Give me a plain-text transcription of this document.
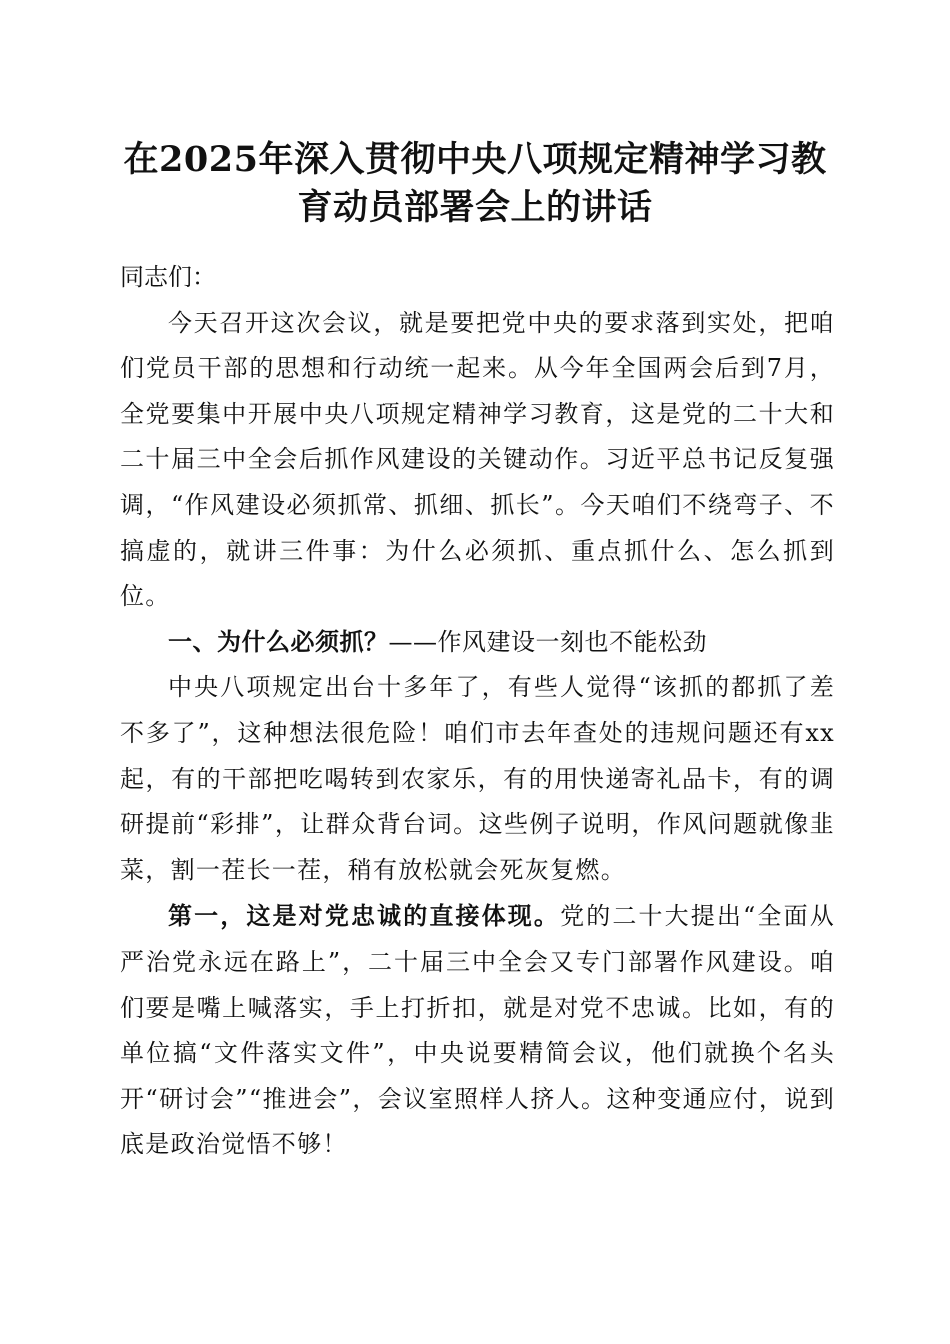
在2025年深入贯彻中央八项规定精神学习教
育动员部署会上的讲话

同志们：

今天召开这次会议，就是要把党中央的要求落到实处，把咱们党员干部的思想和行动统一起来。从今年全国两会后到7月，全党要集中开展中央八项规定精神学习教育，这是党的二十大和二十届三中全会后抓作风建设的关键动作。习近平总书记反复强调，“作风建设必须抓常、抓细、抓长”。今天咱们不绕弯子、不搞虚的，就讲三件事：为什么必须抓、重点抓什么、怎么抓到位。

一、为什么必须抓？——作风建设一刻也不能松劲

中央八项规定出台十多年了，有些人觉得“该抓的都抓了差不多了”，这种想法很危险！咱们市去年查处的违规问题还有xx起，有的干部把吃喝转到农家乐，有的用快递寄礼品卡，有的调研提前“彩排”，让群众背台词。这些例子说明，作风问题就像韭菜，割一茬长一茬，稍有放松就会死灰复燃。

第一，这是对党忠诚的直接体现。党的二十大提出“全面从严治党永远在路上”，二十届三中全会又专门部署作风建设。咱们要是嘴上喊落实，手上打折扣，就是对党不忠诚。比如，有的单位搞“文件落实文件”，中央说要精简会议，他们就换个名头开“研讨会”“推进会”，会议室照样人挤人。这种变通应付，说到底是政治觉悟不够！
